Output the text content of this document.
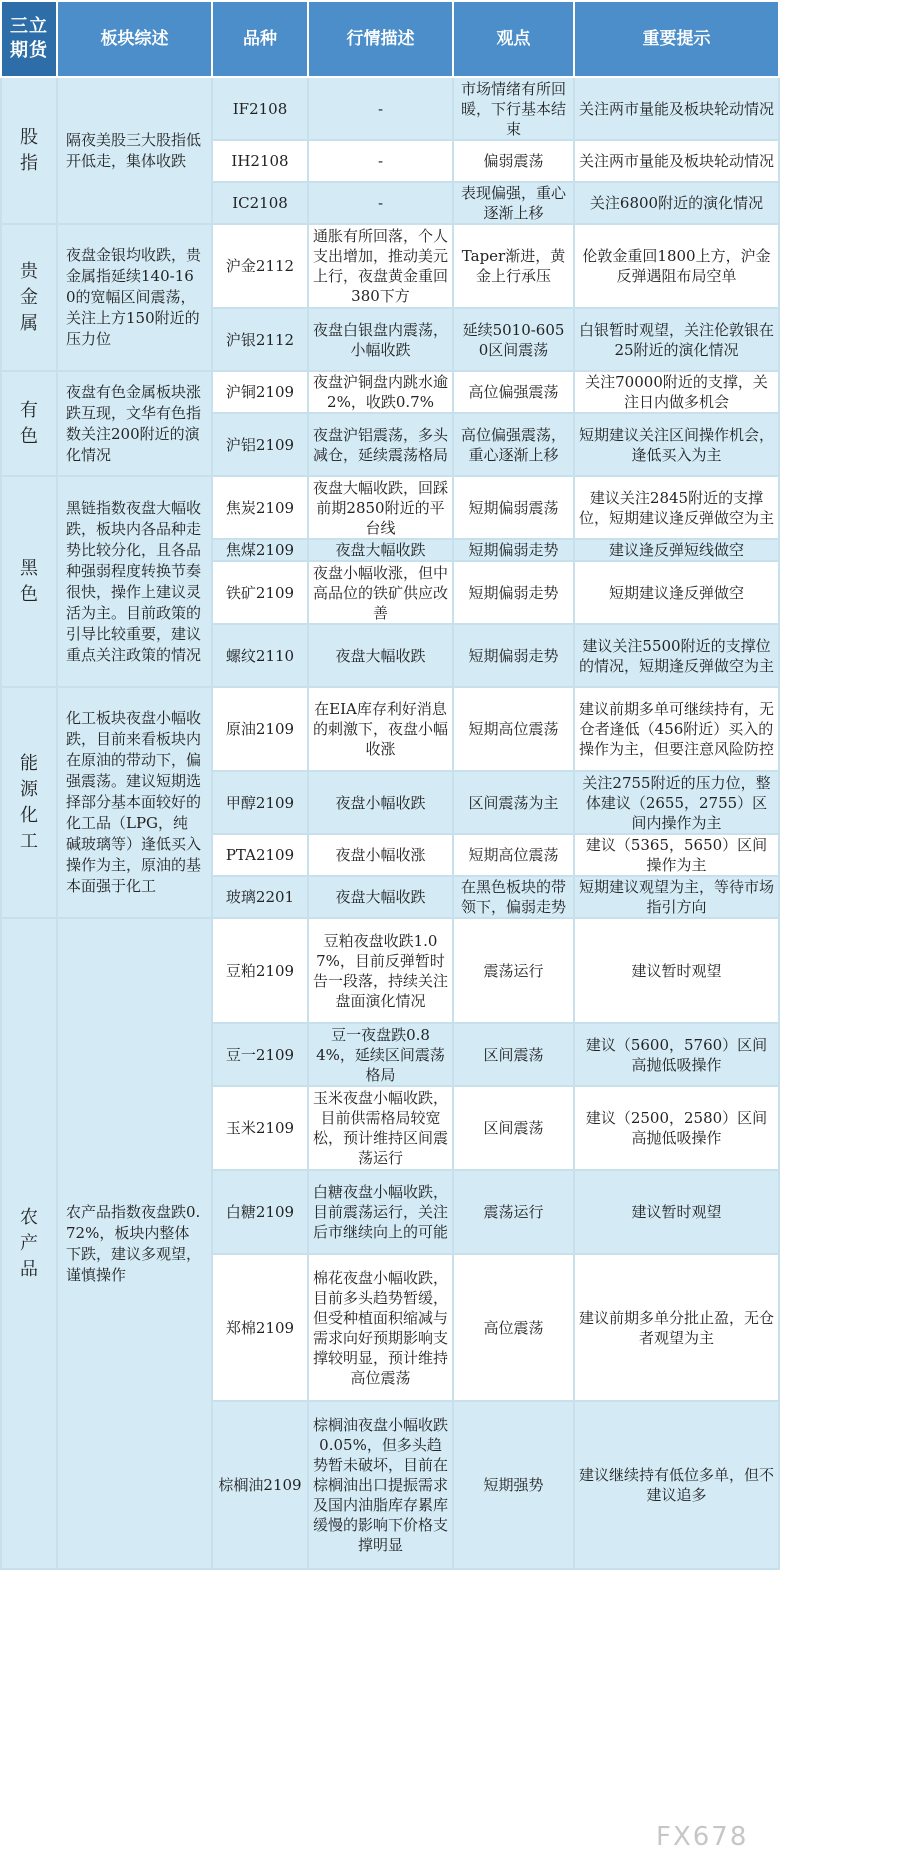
三立
期货	板块综述	品种	行情描述	观点	重要提示
股
指	隔夜美股三大股指低开低走，集体收跌	IF2108	-	市场情绪有所回暖，下行基本结束	关注两市量能及板块轮动情况
		IH2108	-	偏弱震荡	关注两市量能及板块轮动情况
		IC2108	-	表现偏强，重心逐渐上移	关注6800附近的演化情况
贵
金
属	夜盘金银均收跌，贵金属指延续140-160的宽幅区间震荡，关注上方150附近的压力位	沪金2112	通胀有所回落，个人支出增加，推动美元上行，夜盘黄金重回380下方	Taper渐进，黄金上行承压	伦敦金重回1800上方，沪金反弹遇阻布局空单
		沪银2112	夜盘白银盘内震荡，小幅收跌	延续5010-6050区间震荡	白银暂时观望，关注伦敦银在25附近的演化情况
有
色	夜盘有色金属板块涨跌互现，文华有色指数关注200附近的演化情况	沪铜2109	夜盘沪铜盘内跳水逾2%，收跌0.7%	高位偏强震荡	关注70000附近的支撑，关注日内做多机会
		沪铝2109	夜盘沪铝震荡，多头减仓，延续震荡格局	高位偏强震荡，重心逐渐上移	短期建议关注区间操作机会，逢低买入为主
黑
色	黑链指数夜盘大幅收跌，板块内各品种走势比较分化，且各品种强弱程度转换节奏很快，操作上建议灵活为主。目前政策的引导比较重要，建议重点关注政策的情况	焦炭2109	夜盘大幅收跌，回踩前期2850附近的平台线	短期偏弱震荡	建议关注2845附近的支撑位，短期建议逢反弹做空为主
		焦煤2109	夜盘大幅收跌	短期偏弱走势	建议逢反弹短线做空
		铁矿2109	夜盘小幅收涨，但中高品位的铁矿供应改善	短期偏弱走势	短期建议逢反弹做空
		螺纹2110	夜盘大幅收跌	短期偏弱走势	建议关注5500附近的支撑位的情况，短期逢反弹做空为主
能
源
化
工	化工板块夜盘小幅收跌，目前来看板块内在原油的带动下，偏强震荡。建议短期选择部分基本面较好的化工品（LPG，纯碱玻璃等）逢低买入操作为主，原油的基本面强于化工	原油2109	在EIA库存利好消息的刺激下，夜盘小幅收涨	短期高位震荡	建议前期多单可继续持有，无仓者逢低（456附近）买入的操作为主，但要注意风险防控
		甲醇2109	夜盘小幅收跌	区间震荡为主	关注2755附近的压力位，整体建议（2655，2755）区间内操作为主
		PTA2109	夜盘小幅收涨	短期高位震荡	建议（5365，5650）区间操作为主
		玻璃2201	夜盘大幅收跌	在黑色板块的带领下，偏弱走势	短期建议观望为主，等待市场指引方向
农
产
品	农产品指数夜盘跌0.72%，板块内整体下跌，建议多观望，谨慎操作	豆粕2109	豆粕夜盘收跌1.07%，目前反弹暂时告一段落，持续关注盘面演化情况	震荡运行	建议暂时观望
		豆一2109	豆一夜盘跌0.84%，延续区间震荡格局	区间震荡	建议（5600，5760）区间高抛低吸操作
		玉米2109	玉米夜盘小幅收跌，目前供需格局较宽松，预计维持区间震荡运行	区间震荡	建议（2500，2580）区间高抛低吸操作
		白糖2109	白糖夜盘小幅收跌，目前震荡运行，关注后市继续向上的可能	震荡运行	建议暂时观望
		郑棉2109	棉花夜盘小幅收跌，目前多头趋势暂缓，但受种植面积缩减与需求向好预期影响支撑较明显，预计维持高位震荡	高位震荡	建议前期多单分批止盈，无仓者观望为主
		棕榈油2109	棕榈油夜盘小幅收跌0.05%，但多头趋势暂未破坏，目前在棕榈油出口提振需求及国内油脂库存累库缓慢的影响下价格支撑明显	短期强势	建议继续持有低位多单，但不建议追多
FX678
